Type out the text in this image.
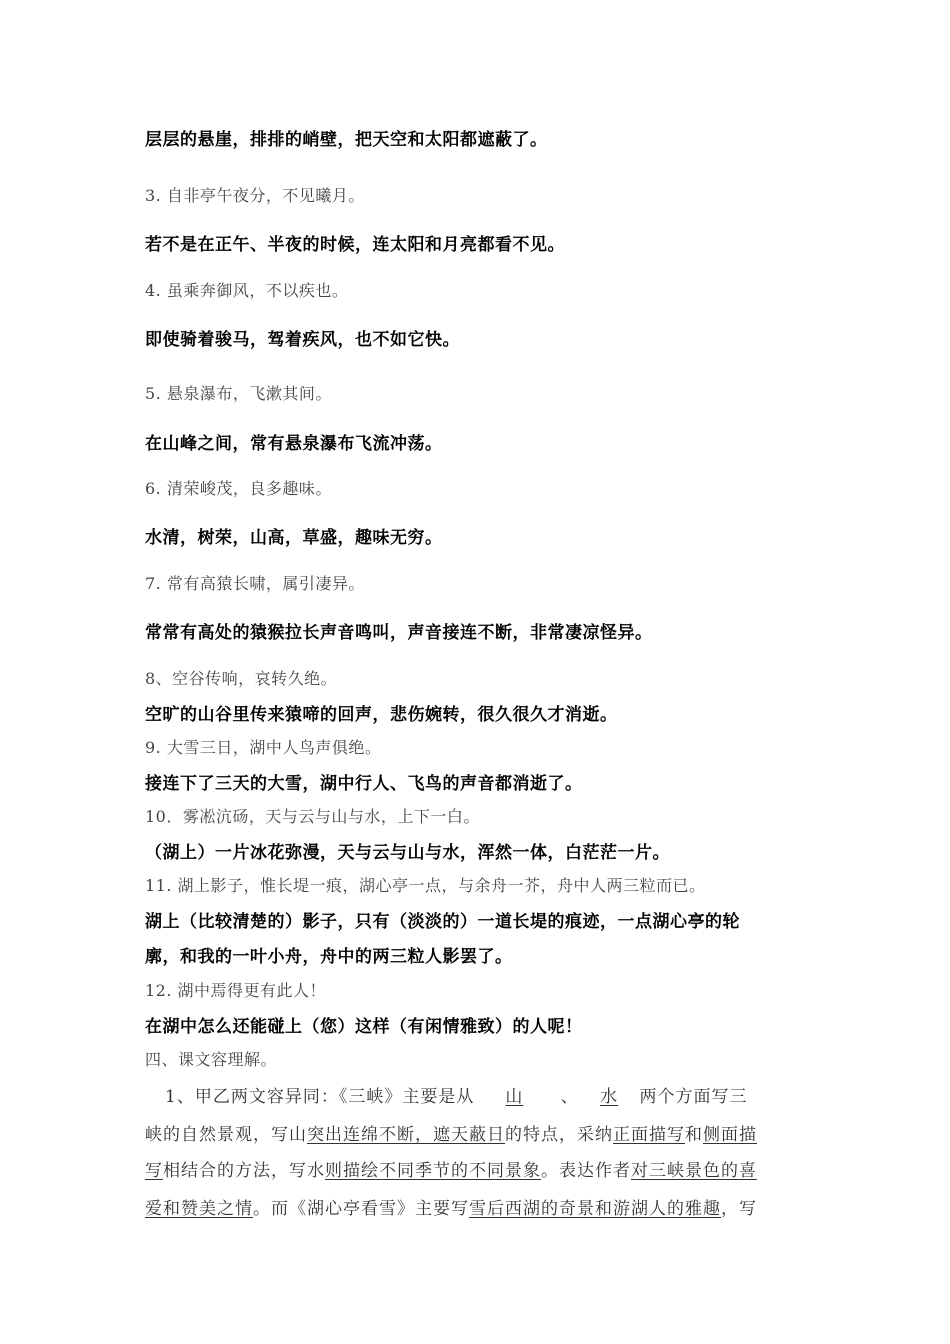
层层的悬崖，排排的峭壁，把天空和太阳都遮蔽了。
3. 自非亭午夜分，不见曦月。
若不是在正午、半夜的时候，连太阳和月亮都看不见。
4. 虽乘奔御风，不以疾也。
即使骑着骏马，驾着疾风，也不如它快。
5. 悬泉瀑布，飞漱其间。
在山峰之间，常有悬泉瀑布飞流冲荡。
6. 清荣峻茂，良多趣味。
水清，树荣，山高，草盛，趣味无穷。
7. 常有高猿长啸，属引凄异。
常常有高处的猿猴拉长声音鸣叫，声音接连不断，非常凄凉怪异。
8、空谷传响，哀转久绝。
空旷的山谷里传来猿啼的回声，悲伤婉转，很久很久才消逝。
9. 大雪三日，湖中人鸟声俱绝。
接连下了三天的大雪，湖中行人、飞鸟的声音都消逝了。
10．雾凇沆砀，天与云与山与水，上下一白。
（湖上）一片冰花弥漫，天与云与山与水，浑然一体，白茫茫一片。
11. 湖上影子，惟长堤一痕，湖心亭一点，与余舟一芥，舟中人两三粒而已。
湖上（比较清楚的）影子，只有（淡淡的）一道长堤的痕迹，一点湖心亭的轮
廓，和我的一叶小舟，舟中的两三粒人影罢了。
12. 湖中焉得更有此人！
在湖中怎么还能碰上（您）这样（有闲情雅致）的人呢！
四、课文容理解。
1、甲乙两文容异同：《三峡》主要是从 山 、 水 两个方面写三
峡的自然景观，写山突出连绵不断，遮天蔽日的特点，采纳正面描写和侧面描
写相结合的方法，写水则描绘不同季节的不同景象。表达作者对三峡景色的喜
爱和赞美之情。而《湖心亭看雪》主要写雪后西湖的奇景和游湖人的雅趣，写
